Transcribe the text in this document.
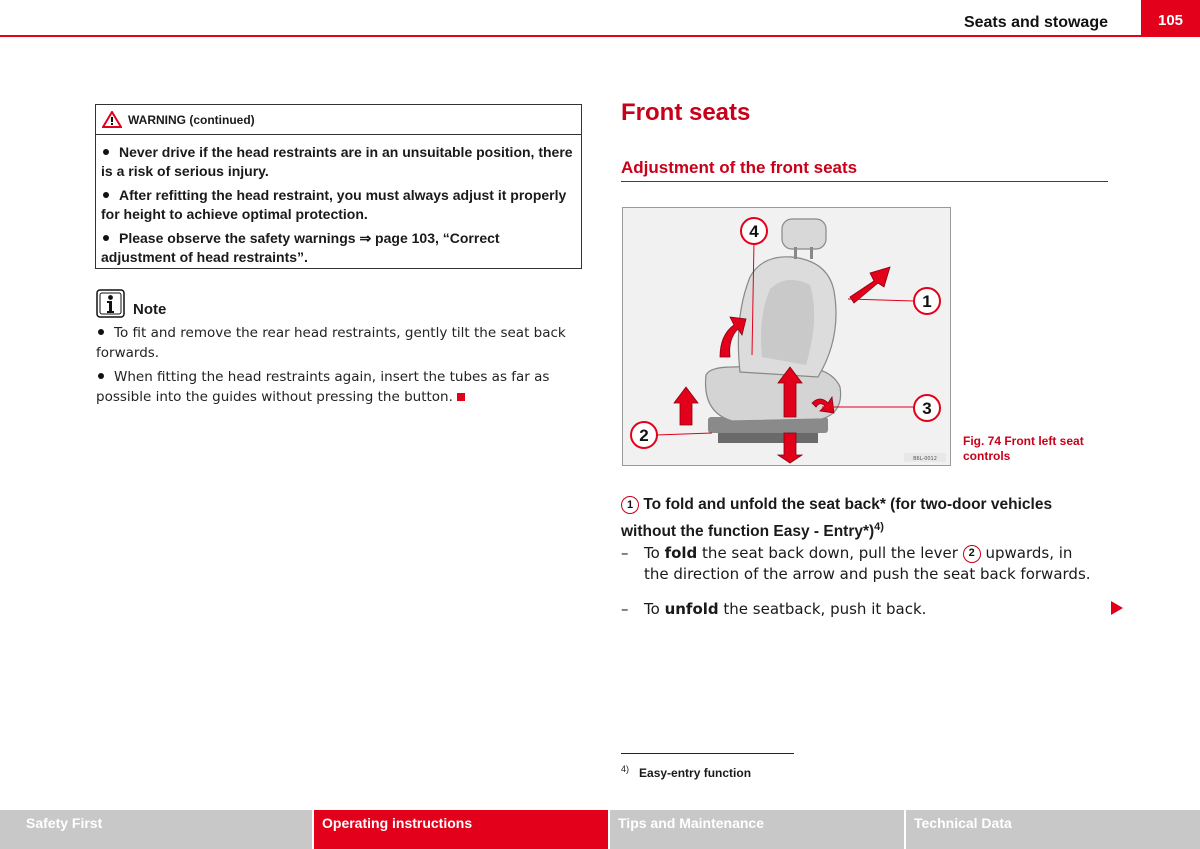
Seats and stowage	105
WARNING (continued)

Never drive if the head restraints are in an unsuitable position, there is a risk of serious injury.

After refitting the head restraint, you must always adjust it properly for height to achieve optimal protection.

Please observe the safety warnings ⇒ page 103, “Correct adjustment of head restraints”.

Note

To fit and remove the rear head restraints, gently tilt the seat back forwards.

When fitting the head restraints again, insert the tubes as far as possible into the guides without pressing the button.

Front seats
Adjustment of the front seats
1
2
3
4
B6L-0012
Fig. 74 Front left seat controls
1 To fold and unfold the seat back* (for two-door vehicles without the function Easy - Entry*)$^{4)}$
–	To fold the seat back down, pull the lever 2 upwards, in the direction of the arrow and push the seat back forwards.
–	To unfold the seatback, push it back.
$^{4)}$ Easy-entry function
Safety First	Operating instructions	Tips and Maintenance	Technical Data
